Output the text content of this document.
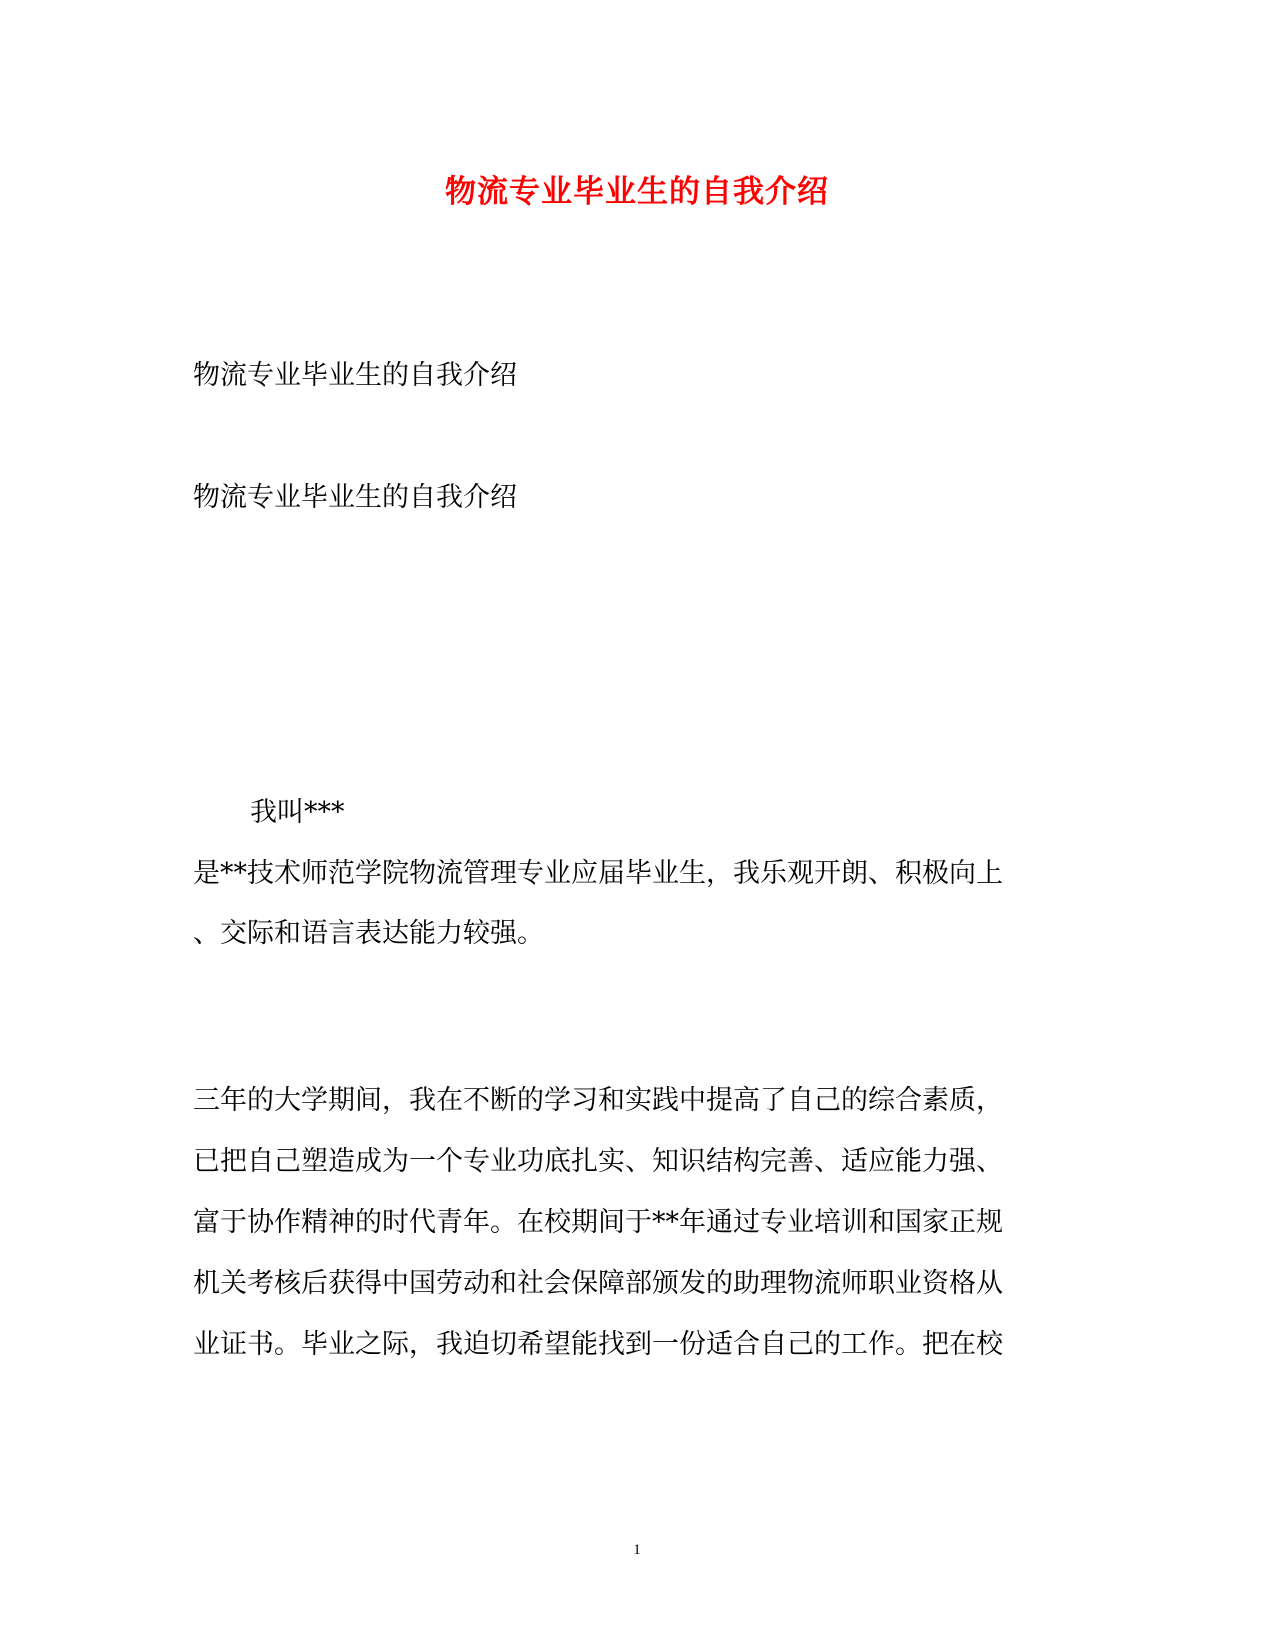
物流专业毕业生的自我介绍
物流专业毕业生的自我介绍
物流专业毕业生的自我介绍
我叫***
是**技术师范学院物流管理专业应届毕业生，我乐观开朗、积极向上
、交际和语言表达能力较强。
三年的大学期间，我在不断的学习和实践中提高了自己的综合素质，
已把自己塑造成为一个专业功底扎实、知识结构完善、适应能力强、
富于协作精神的时代青年。在校期间于**年通过专业培训和国家正规
机关考核后获得中国劳动和社会保障部颁发的助理物流师职业资格从
业证书。毕业之际，我迫切希望能找到一份适合自己的工作。把在校
1
